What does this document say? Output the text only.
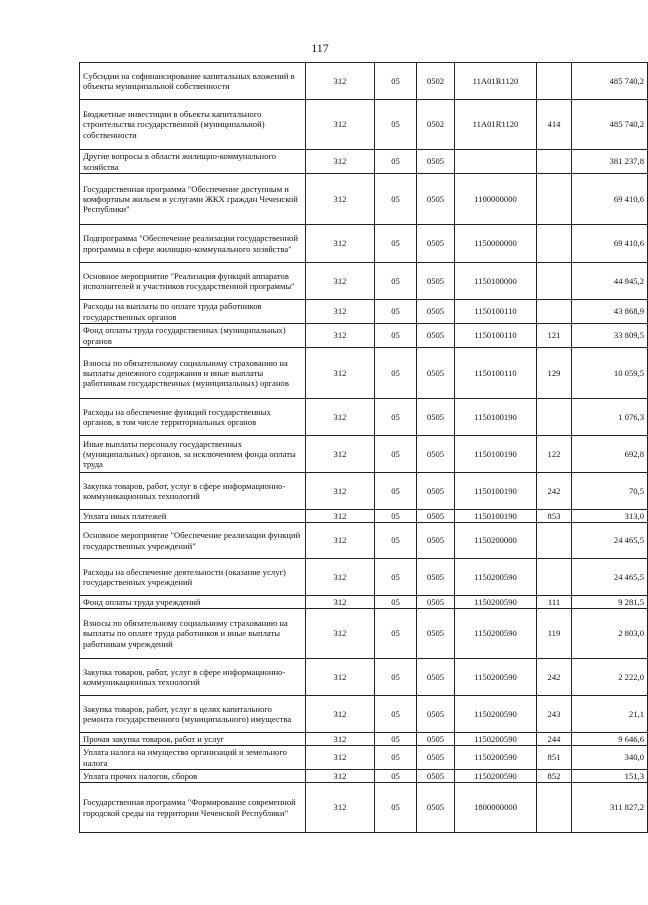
117
Субсидии на софинансирование капитальных вложений в объекты муниципальной собственности	312	05	0502	11А01R1120		485 740,2
Бюджетные инвестиции в объекты капитального строительства государственной (муниципальной) собственности	312	05	0502	11А01R1120	414	485 740,2
Другие вопросы в области жилищно-коммунального хозяйства	312	05	0505			381 237,8
Государственная программа "Обеспечение доступным и комфортным жильем и услугами ЖКХ граждан Чеченской Республики"	312	05	0505	1100000000		69 410,6
Подпрограмма "Обеспечение реализации государственной программы в сфере жилищно-коммунального хозяйства"	312	05	0505	1150000000		69 410,6
Основное мероприятие "Реализация функций аппаратов исполнителей и участников государственной программы"	312	05	0505	1150100000		44 945,2
Расходы на выплаты по оплате труда работников государственных органов	312	05	0505	1150100110		43 868,9
Фонд оплаты труда государственных (муниципальных) органов	312	05	0505	1150100110	121	33 809,5
Взносы по обязательному социальному страхованию на выплаты денежного содержания и иные выплаты работникам государственных (муниципальных) органов	312	05	0505	1150100110	129	10 059,5
Расходы на обеспечение функций государственных органов, в том числе территориальных органов	312	05	0505	1150100190		1 076,3
Иные выплаты персоналу государственных (муниципальных) органов, за исключением фонда оплаты труда	312	05	0505	1150100190	122	692,8
Закупка товаров, работ, услуг в сфере информационно-коммуникационных технологий	312	05	0505	1150100190	242	70,5
Уплата иных платежей	312	05	0505	1150100190	853	313,0
Основное мероприятие "Обеспечение реализации функций государственных учреждений"	312	05	0505	1150200000		24 465,5
Расходы на обеспечение деятельности (оказание услуг) государственных учреждений	312	05	0505	1150200590		24 465,5
Фонд оплаты труда учреждений	312	05	0505	1150200590	111	9 281,5
Взносы по обязательному социальному страхованию на выплаты по оплате труда работников и иные выплаты работникам учреждений	312	05	0505	1150200590	119	2 803,0
Закупка товаров, работ, услуг в сфере информационно-коммуникационных технологий	312	05	0505	1150200590	242	2 222,0
Закупка товаров, работ, услуг в целях капитального ремонта государственного (муниципального) имущества	312	05	0505	1150200590	243	21,1
Прочая закупка товаров, работ и услуг	312	05	0505	1150200590	244	9 646,6
Уплата налога на имущество организаций и земельного налога	312	05	0505	1150200590	851	340,0
Уплата прочих налогов, сборов	312	05	0505	1150200590	852	151,3
Государственная программа "Формирование современной городской среды на территории Чеченской Республики"	312	05	0505	1800000000		311 827,2
